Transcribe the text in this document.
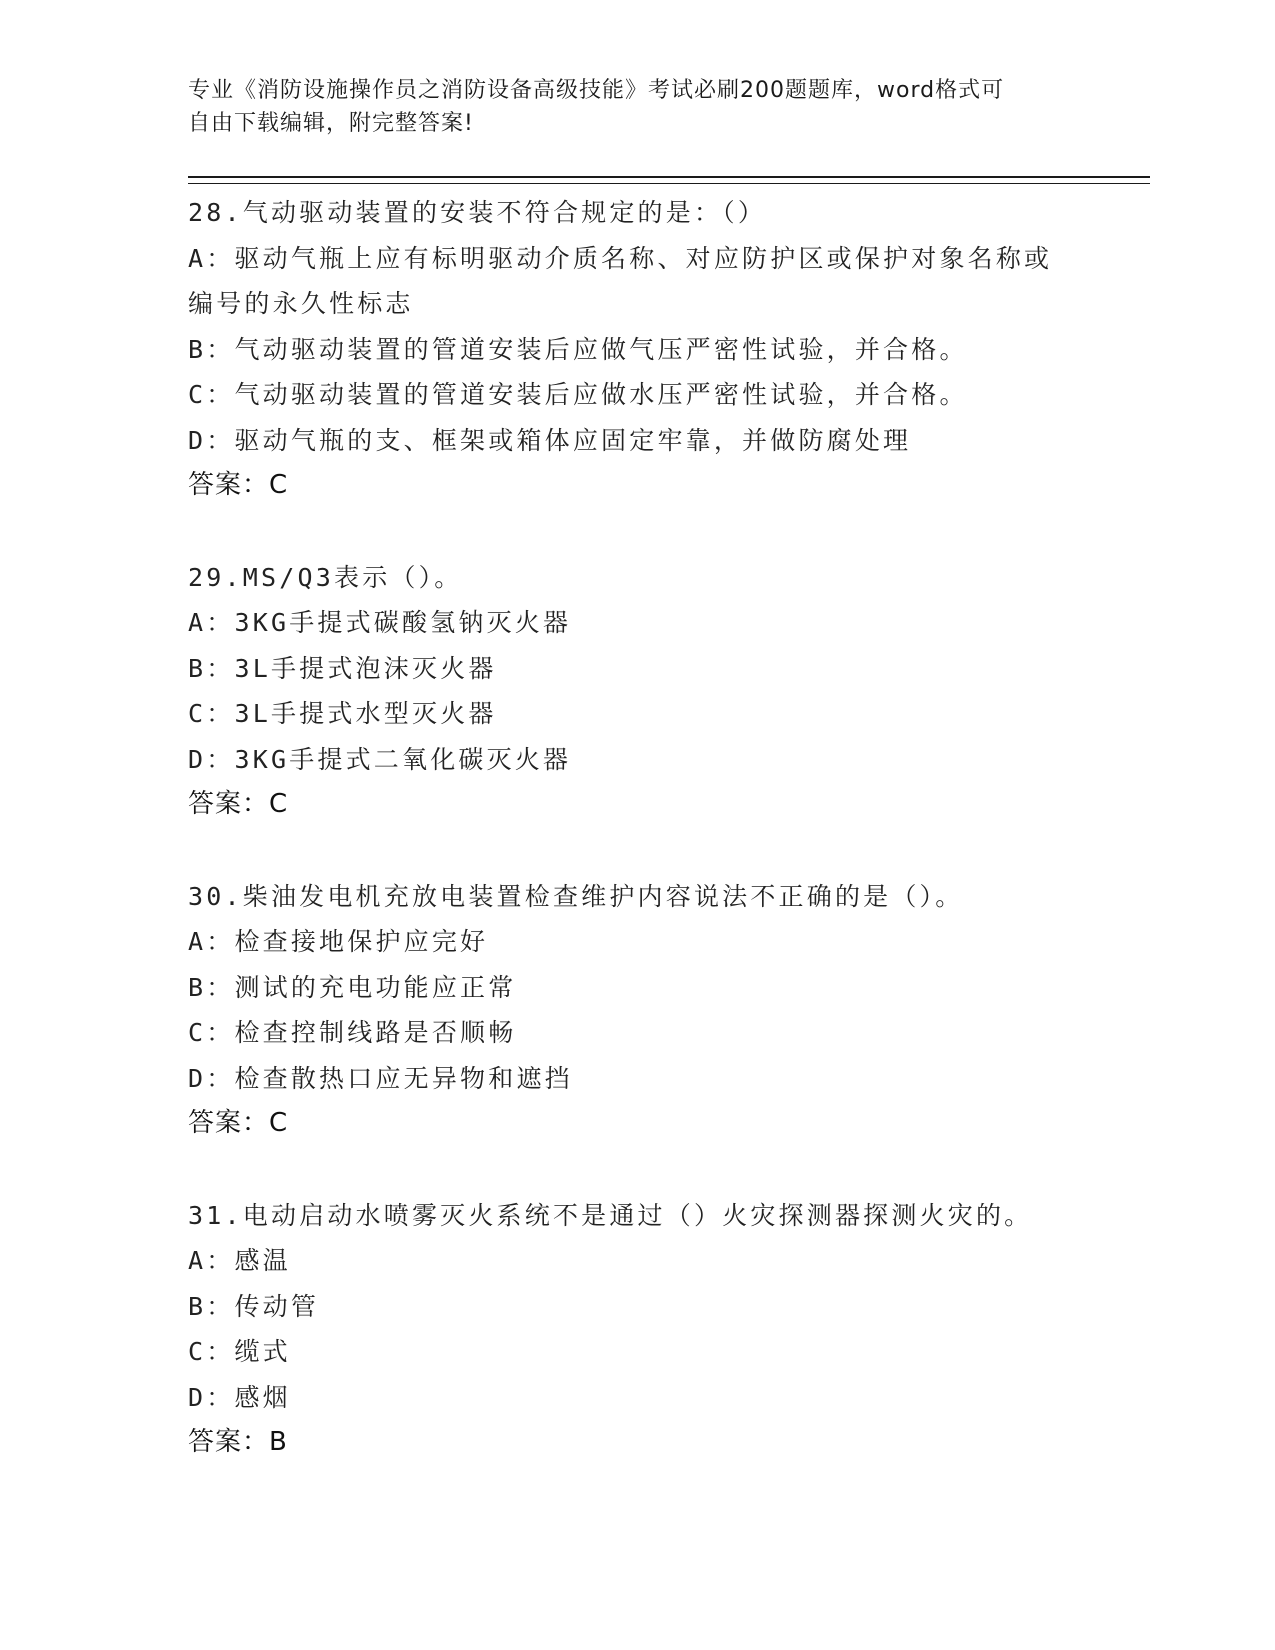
专业《消防设施操作员之消防设备高级技能》考试必刷200题题库，word格式可
自由下载编辑，附完整答案!
28.气动驱动装置的安装不符合规定的是：（）
A：驱动气瓶上应有标明驱动介质名称、对应防护区或保护对象名称或编号的永久性标志
B：气动驱动装置的管道安装后应做气压严密性试验，并合格。
C：气动驱动装置的管道安装后应做水压严密性试验，并合格。
D：驱动气瓶的支、框架或箱体应固定牢靠，并做防腐处理
答案：C
29.MS/Q3表示（）。
A：3KG手提式碳酸氢钠灭火器
B：3L手提式泡沫灭火器
C：3L手提式水型灭火器
D：3KG手提式二氧化碳灭火器
答案：C
30.柴油发电机充放电装置检查维护内容说法不正确的是（）。
A：检查接地保护应完好
B：测试的充电功能应正常
C：检查控制线路是否顺畅
D：检查散热口应无异物和遮挡
答案：C
31.电动启动水喷雾灭火系统不是通过（）火灾探测器探测火灾的。
A：感温
B：传动管
C：缆式
D：感烟
答案：B
